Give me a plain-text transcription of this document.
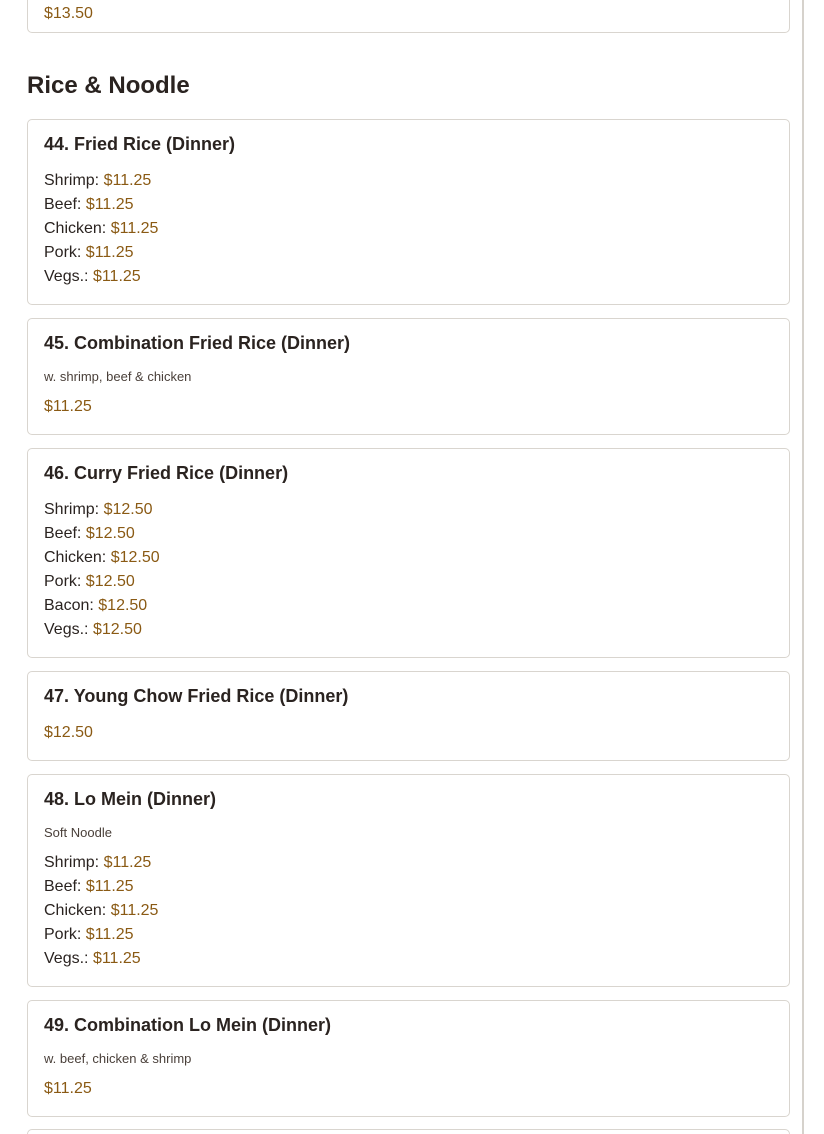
$13.50
Rice & Noodle
44. Fried Rice (Dinner)
Shrimp: $11.25
Beef: $11.25
Chicken: $11.25
Pork: $11.25
Vegs.: $11.25
45. Combination Fried Rice (Dinner)
w. shrimp, beef & chicken
$11.25
46. Curry Fried Rice (Dinner)
Shrimp: $12.50
Beef: $12.50
Chicken: $12.50
Pork: $12.50
Bacon: $12.50
Vegs.: $12.50
47. Young Chow Fried Rice (Dinner)
$12.50
48. Lo Mein (Dinner)
Soft Noodle
Shrimp: $11.25
Beef: $11.25
Chicken: $11.25
Pork: $11.25
Vegs.: $11.25
49. Combination Lo Mein (Dinner)
w. beef, chicken & shrimp
$11.25
